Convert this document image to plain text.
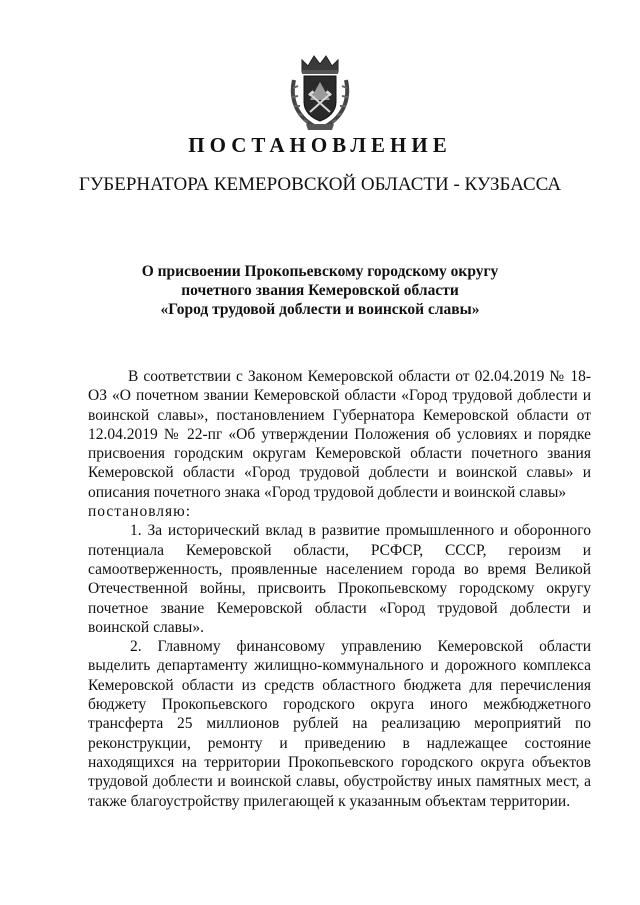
ПОСТАНОВЛЕНИЕ
ГУБЕРНАТОРА КЕМЕРОВСКОЙ ОБЛАСТИ - КУЗБАССА
О присвоении Прокопьевскому городскому округу
почетного звания Кемеровской области
«Город трудовой доблести и воинской славы»

В соответствии с Законом Кемеровской области от 02.04.2019 № 18-ОЗ «О почетном звании Кемеровской области «Город трудовой доблести и воинской славы», постановлением Губернатора Кемеровской области от 12.04.2019 № 22-пг «Об утверждении Положения об условиях и порядке присвоения городским округам Кемеровской области почетного звания Кемеровской области «Город трудовой доблести и воинской славы» и описания почетного знака «Город трудовой доблести и воинской славы»

постановляю:

1. За исторический вклад в развитие промышленного и оборонного потенциала Кемеровской области, РСФСР, СССР, героизм и самоотверженность, проявленные населением города во время Великой Отечественной войны, присвоить Прокопьевскому городскому округу почетное звание Кемеровской области «Город трудовой доблести и воинской славы».

2. Главному финансовому управлению Кемеровской области выделить департаменту жилищно-коммунального и дорожного комплекса Кемеровской области из средств областного бюджета для перечисления бюджету Прокопьевского городского округа иного межбюджетного трансферта 25 миллионов рублей на реализацию мероприятий по реконструкции, ремонту и приведению в надлежащее состояние находящихся на территории Прокопьевского городского округа объектов трудовой доблести и воинской славы, обустройству иных памятных мест, а также благоустройству прилегающей к указанным объектам территории.
